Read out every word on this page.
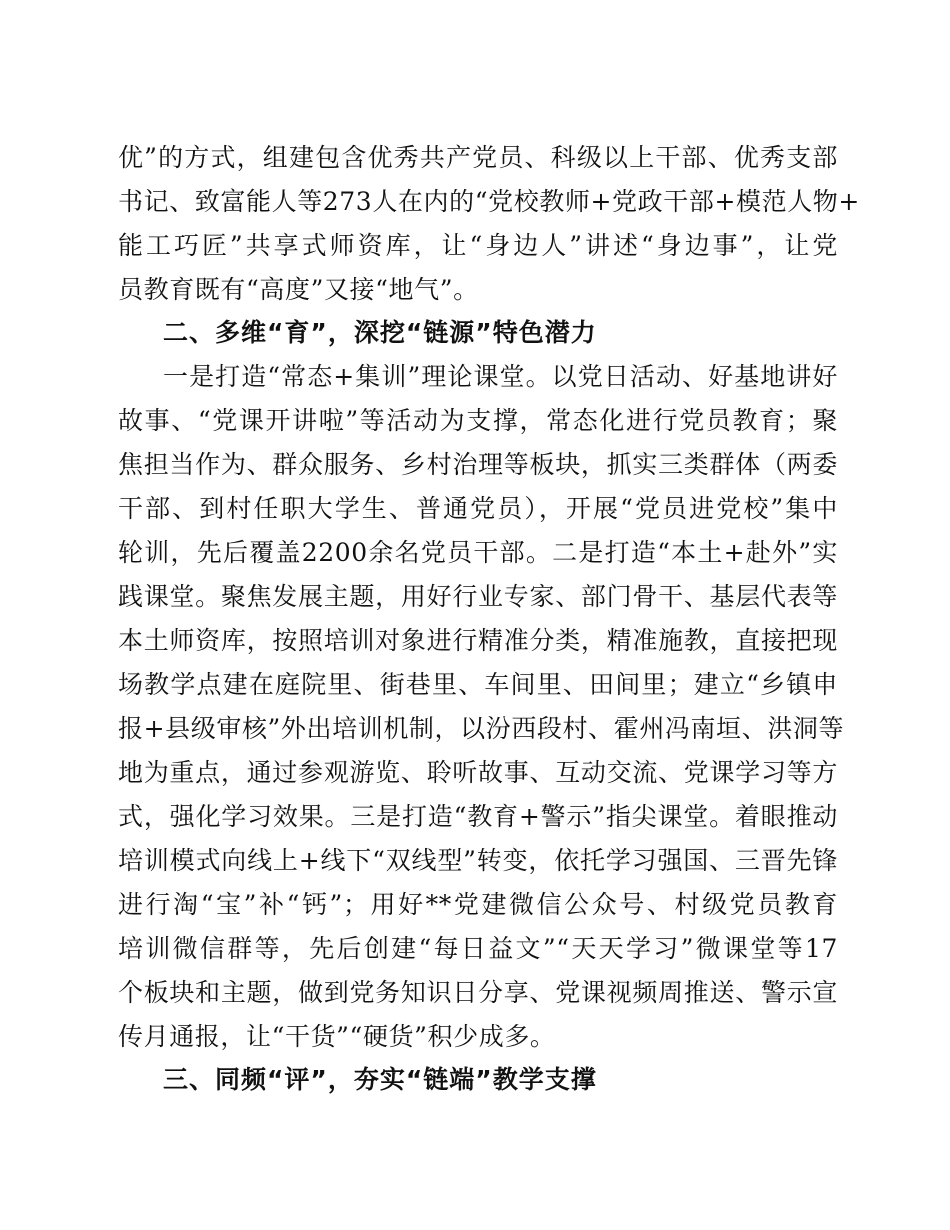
优”的方式，组建包含优秀共产党员、科级以上干部、优秀支部
书记、致富能人等273人在内的“党校教师+党政干部+模范人物+
能工巧匠”共享式师资库，让“身边人”讲述“身边事”，让党
员教育既有“高度”又接“地气”。
二、多维“育”，深挖“链源”特色潜力
一是打造“常态+集训”理论课堂。以党日活动、好基地讲好
故事、“党课开讲啦”等活动为支撑，常态化进行党员教育；聚
焦担当作为、群众服务、乡村治理等板块，抓实三类群体（两委
干部、到村任职大学生、普通党员），开展“党员进党校”集中
轮训，先后覆盖2200余名党员干部。二是打造“本土+赴外”实
践课堂。聚焦发展主题，用好行业专家、部门骨干、基层代表等
本土师资库，按照培训对象进行精准分类，精准施教，直接把现
场教学点建在庭院里、街巷里、车间里、田间里；建立“乡镇申
报+县级审核”外出培训机制，以汾西段村、霍州冯南垣、洪洞等
地为重点，通过参观游览、聆听故事、互动交流、党课学习等方
式，强化学习效果。三是打造“教育+警示”指尖课堂。着眼推动
培训模式向线上+线下“双线型”转变，依托学习强国、三晋先锋
进行淘“宝”补“钙”；用好**党建微信公众号、村级党员教育
培训微信群等，先后创建“每日益文”“天天学习”微课堂等17
个板块和主题，做到党务知识日分享、党课视频周推送、警示宣
传月通报，让“干货”“硬货”积少成多。
三、同频“评”，夯实“链端”教学支撑
